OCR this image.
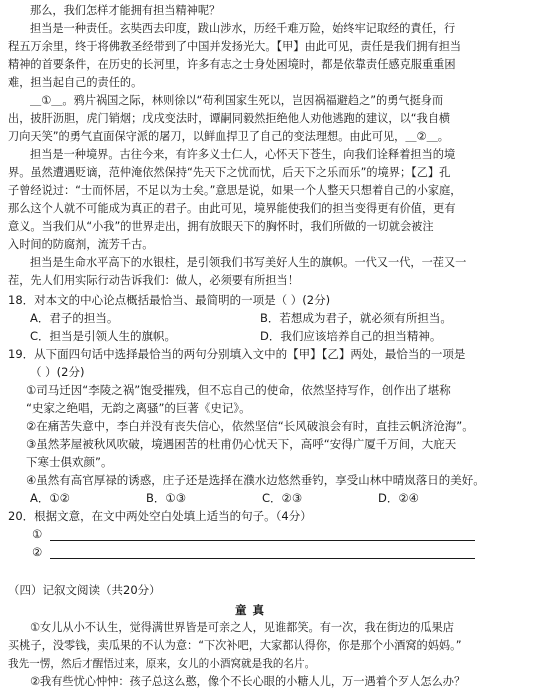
那么，我们怎样才能拥有担当精神呢？
担当是一种责任。玄奘西去印度，跋山涉水，历经千难万险，始终牢记取经的責任，行
程五万余里，终于将佛教圣经带到了中国并发扬光大。【甲】由此可见，责任是我们拥有担当
精神的首要条件，在历史的长河里，许多有志之士身处困境时，都是依靠责任感克服重重困
难，担当起自己的责任的。
＿①＿。鸦片祸国之际，林则徐以“苟利国家生死以，岂因祸福避趋之”的勇气挺身而
出，披肝沥胆，虎门销烟；戊戌变法时，谭嗣同毅然拒绝他人劝他逃跑的建议，以“我自横
刀向天笑”的勇气直面保守派的屠刀，以鲜血捍卫了自己的变法理想。由此可见，＿②＿。
担当是一种境界。古往今来，有许多义士仁人，心怀天下苍生，向我们诠释着担当的境
界。虽然遭遇贬谪，范仲淹依然保持“先天下之忧而忧，后天下之乐而乐”的境界；【乙】孔
子曾经说过：“士而怀居，不足以为士矣。”意思是说，如果一个人整天只想着自己的小家庭，
那么这个人就不可能成为真正的君子。由此可见，境界能使我们的担当变得更有价值，更有
意义。当我们从“小我”的世界走出，拥有放眼天下的胸怀时，我们所做的一切就会被注
入时间的防腐剂，流芳千古。
担当是生命水平高下的水银柱，是引领我们书写美好人生的旗帜。一代又一代，一茬又一
茬，先人们用实际行动告诉我们：做人，必须要有所担当！
18．对本文的中心论点概括最恰当、最简明的一项是（ ）(2分)
A．君子的担当。	B．若想成为君子，就必须有所担当。
C．担当是引领人生的旗帜。	D．我们应该培养自己的担当精神。
19．从下面四句话中选择最恰当的两句分别填入文中的【甲】【乙】两处，最恰当的一项是
（ ）(2分)
①司马迁因“李陵之祸”饱受摧残，但不忘自己的使命，依然坚持写作，创作出了堪称
“史家之绝唱，无韵之离骚”的巨著《史记》。
②在痛苦失意中，李白并没有丧失信心，依然坚信“长风破浪会有时，直挂云帆济沧海”。
③虽然茅屋被秋风吹破，境遇困苦的杜甫仍心忧天下，高呼“安得广厦千万间，大庇天
下寒士俱欢颜”。
④虽然有高官厚禄的诱惑，庄子还是选择在濮水边悠然垂钓，享受山林中晴岚落日的美好。
A．①②	B．①③	C．②③	D．②④
20．根据文意，在文中两处空白处填上适当的句子。（4分）
①
②
（四）记叙文阅读（共20分）
童真
①女儿从小不认生，觉得满世界皆是可亲之人，见谁都笑。有一次，我在街边的瓜果店
买桃子，没零钱，卖瓜果的不认为意：“下次补吧，大家都认得你，你是那个小酒窝的妈妈。”
我先一愣，然后才醒悟过来，原来，女儿的小酒窝就是我的名片。
②我有些忧心忡忡：孩子总这么憨，像个不长心眼的小糖人儿，万一遇着个歹人怎么办？
